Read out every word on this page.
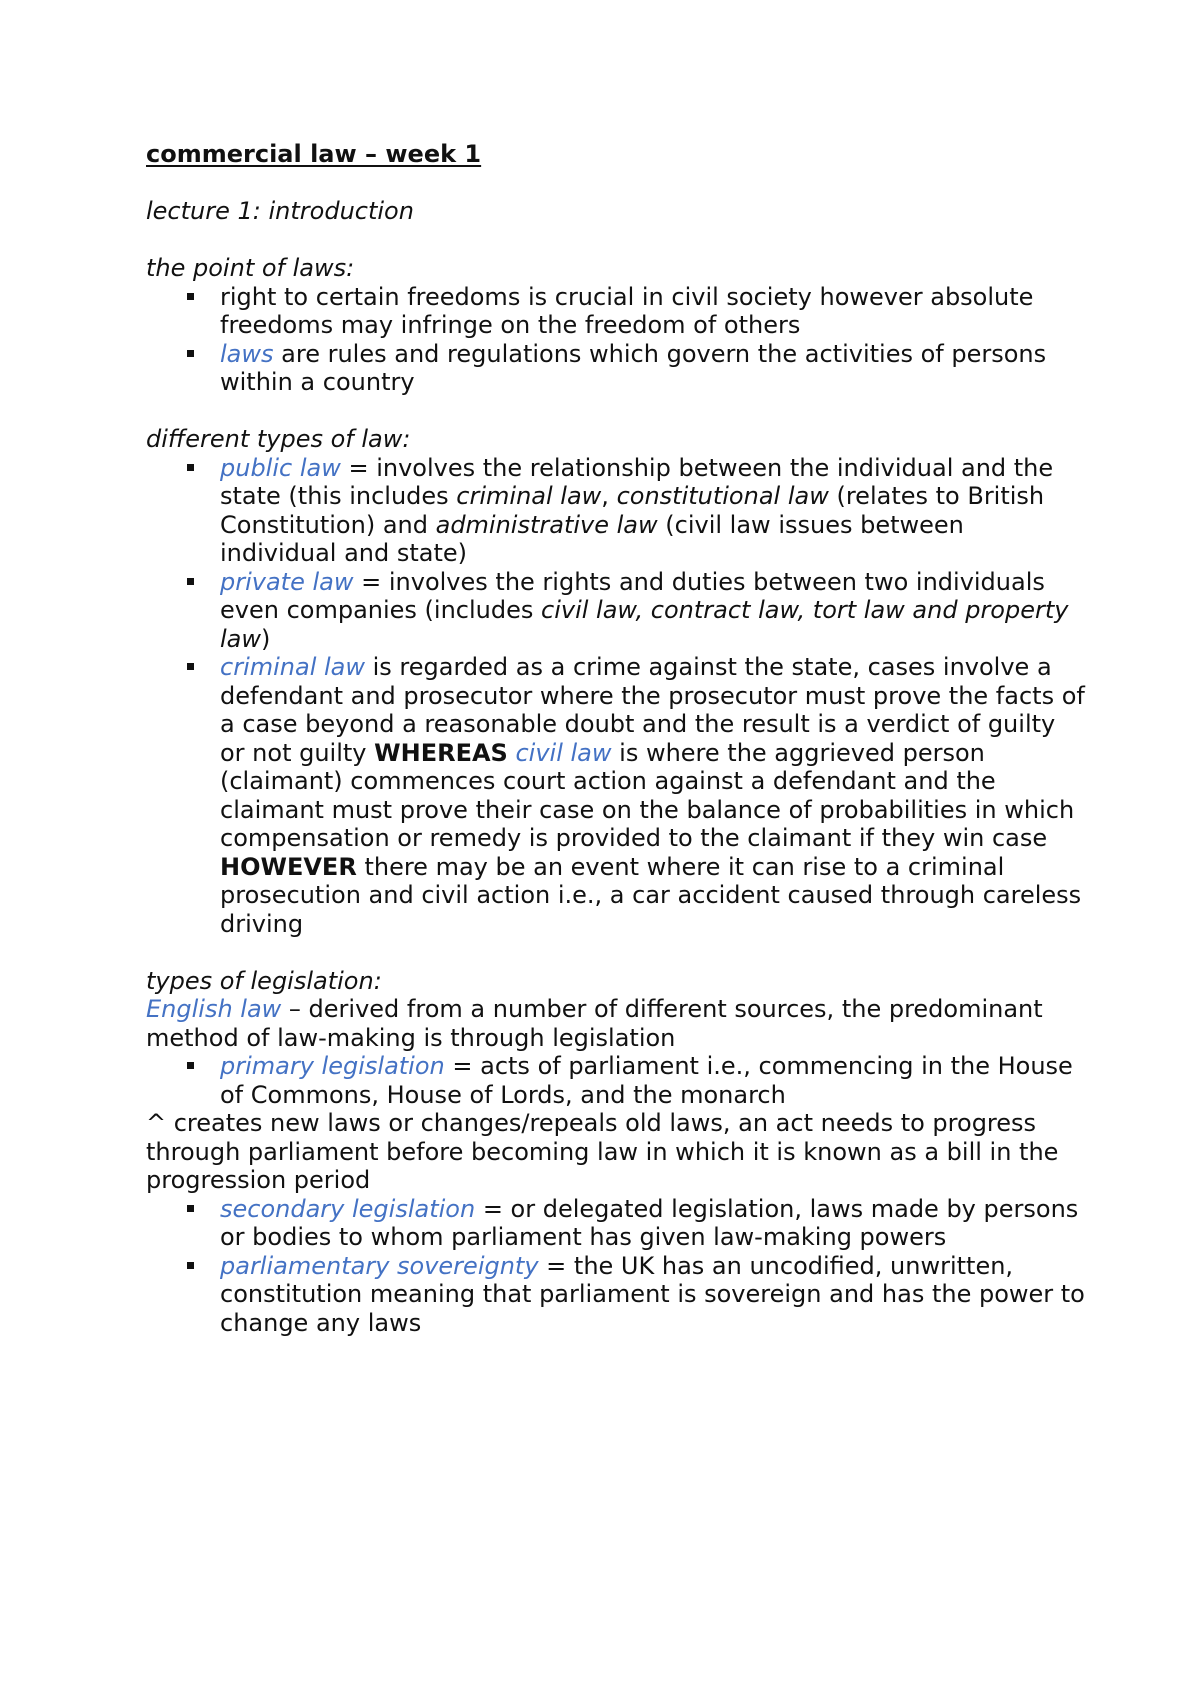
commercial law – week 1

lecture 1: introduction

the point of laws:

right to certain freedoms is crucial in civil society however absolute freedoms may infringe on the freedom of others
laws are rules and regulations which govern the activities of persons within a country

different types of law:

public law = involves the relationship between the individual and the state (this includes criminal law, constitutional law (relates to British Constitution) and administrative law (civil law issues between individual and state)
private law = involves the rights and duties between two individuals even companies (includes civil law, contract law, tort law and property law)
criminal law is regarded as a crime against the state, cases involve a defendant and prosecutor where the prosecutor must prove the facts of a case beyond a reasonable doubt and the result is a verdict of guilty or not guilty WHEREAS civil law is where the aggrieved person (claimant) commences court action against a defendant and the claimant must prove their case on the balance of probabilities in which compensation or remedy is provided to the claimant if they win case HOWEVER there may be an event where it can rise to a criminal prosecution and civil action i.e., a car accident caused through careless driving

types of legislation:

English law – derived from a number of different sources, the predominant method of law-making is through legislation

primary legislation = acts of parliament i.e., commencing in the House of Commons, House of Lords, and the monarch

^ creates new laws or changes/repeals old laws, an act needs to progress through parliament before becoming law in which it is known as a bill in the progression period

secondary legislation = or delegated legislation, laws made by persons or bodies to whom parliament has given law-making powers
parliamentary sovereignty = the UK has an uncodified, unwritten, constitution meaning that parliament is sovereign and has the power to change any laws
